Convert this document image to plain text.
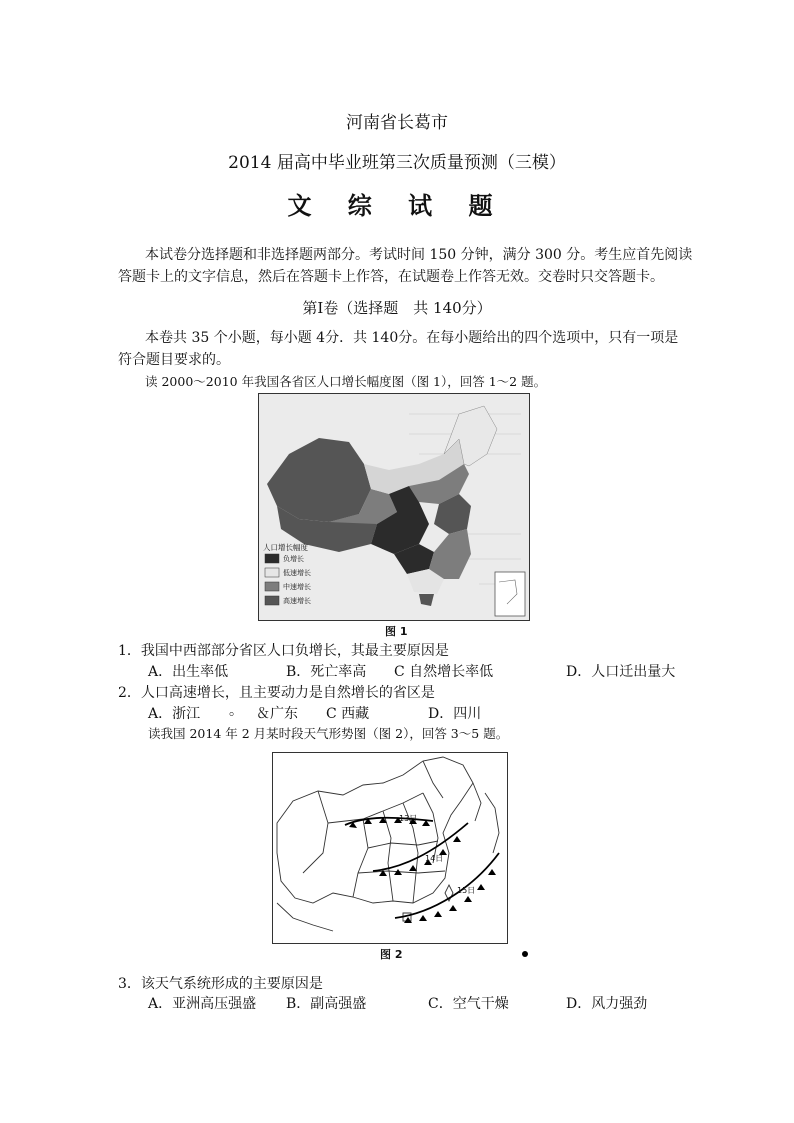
河南省长葛市
2014 届高中毕业班第三次质量预测（三模）
文 综 试 题
本试卷分选择题和非选择题两部分。考试时间 150 分钟，满分 300 分。考生应首先阅读
答题卡上的文字信息，然后在答题卡上作答，在试题卷上作答无效。交卷时只交答题卡。
第Ⅰ卷（选择题　共 140分）
本卷共 35 个小题，每小题 4分．共 140分。在每小题给出的四个选项中，只有一项是
符合题目要求的。
读 2000～2010 年我国各省区人口增长幅度图（图 1），回答 1～2 题。
人口增长幅度
负增长
低速增长
中速增长
高速增长
图 1
1．我国中西部部分省区人口负增长，其最主要原因是
A．出生率低	B．死亡率高 C 自然增长率低	D．人口迁出量大
2．人口高速增长，且主要动力是自然增长的省区是
A．浙江 。 ＆广东 C 西藏	D．四川
读我国 2014 年 2 月某时段天气形势图（图 2），回答 3～5 题。
13日
14日
15日
图 2
3．该天气系统形成的主要原因是
A．亚洲高压强盛 B．副高强盛	C．空气干燥	D．风力强劲
